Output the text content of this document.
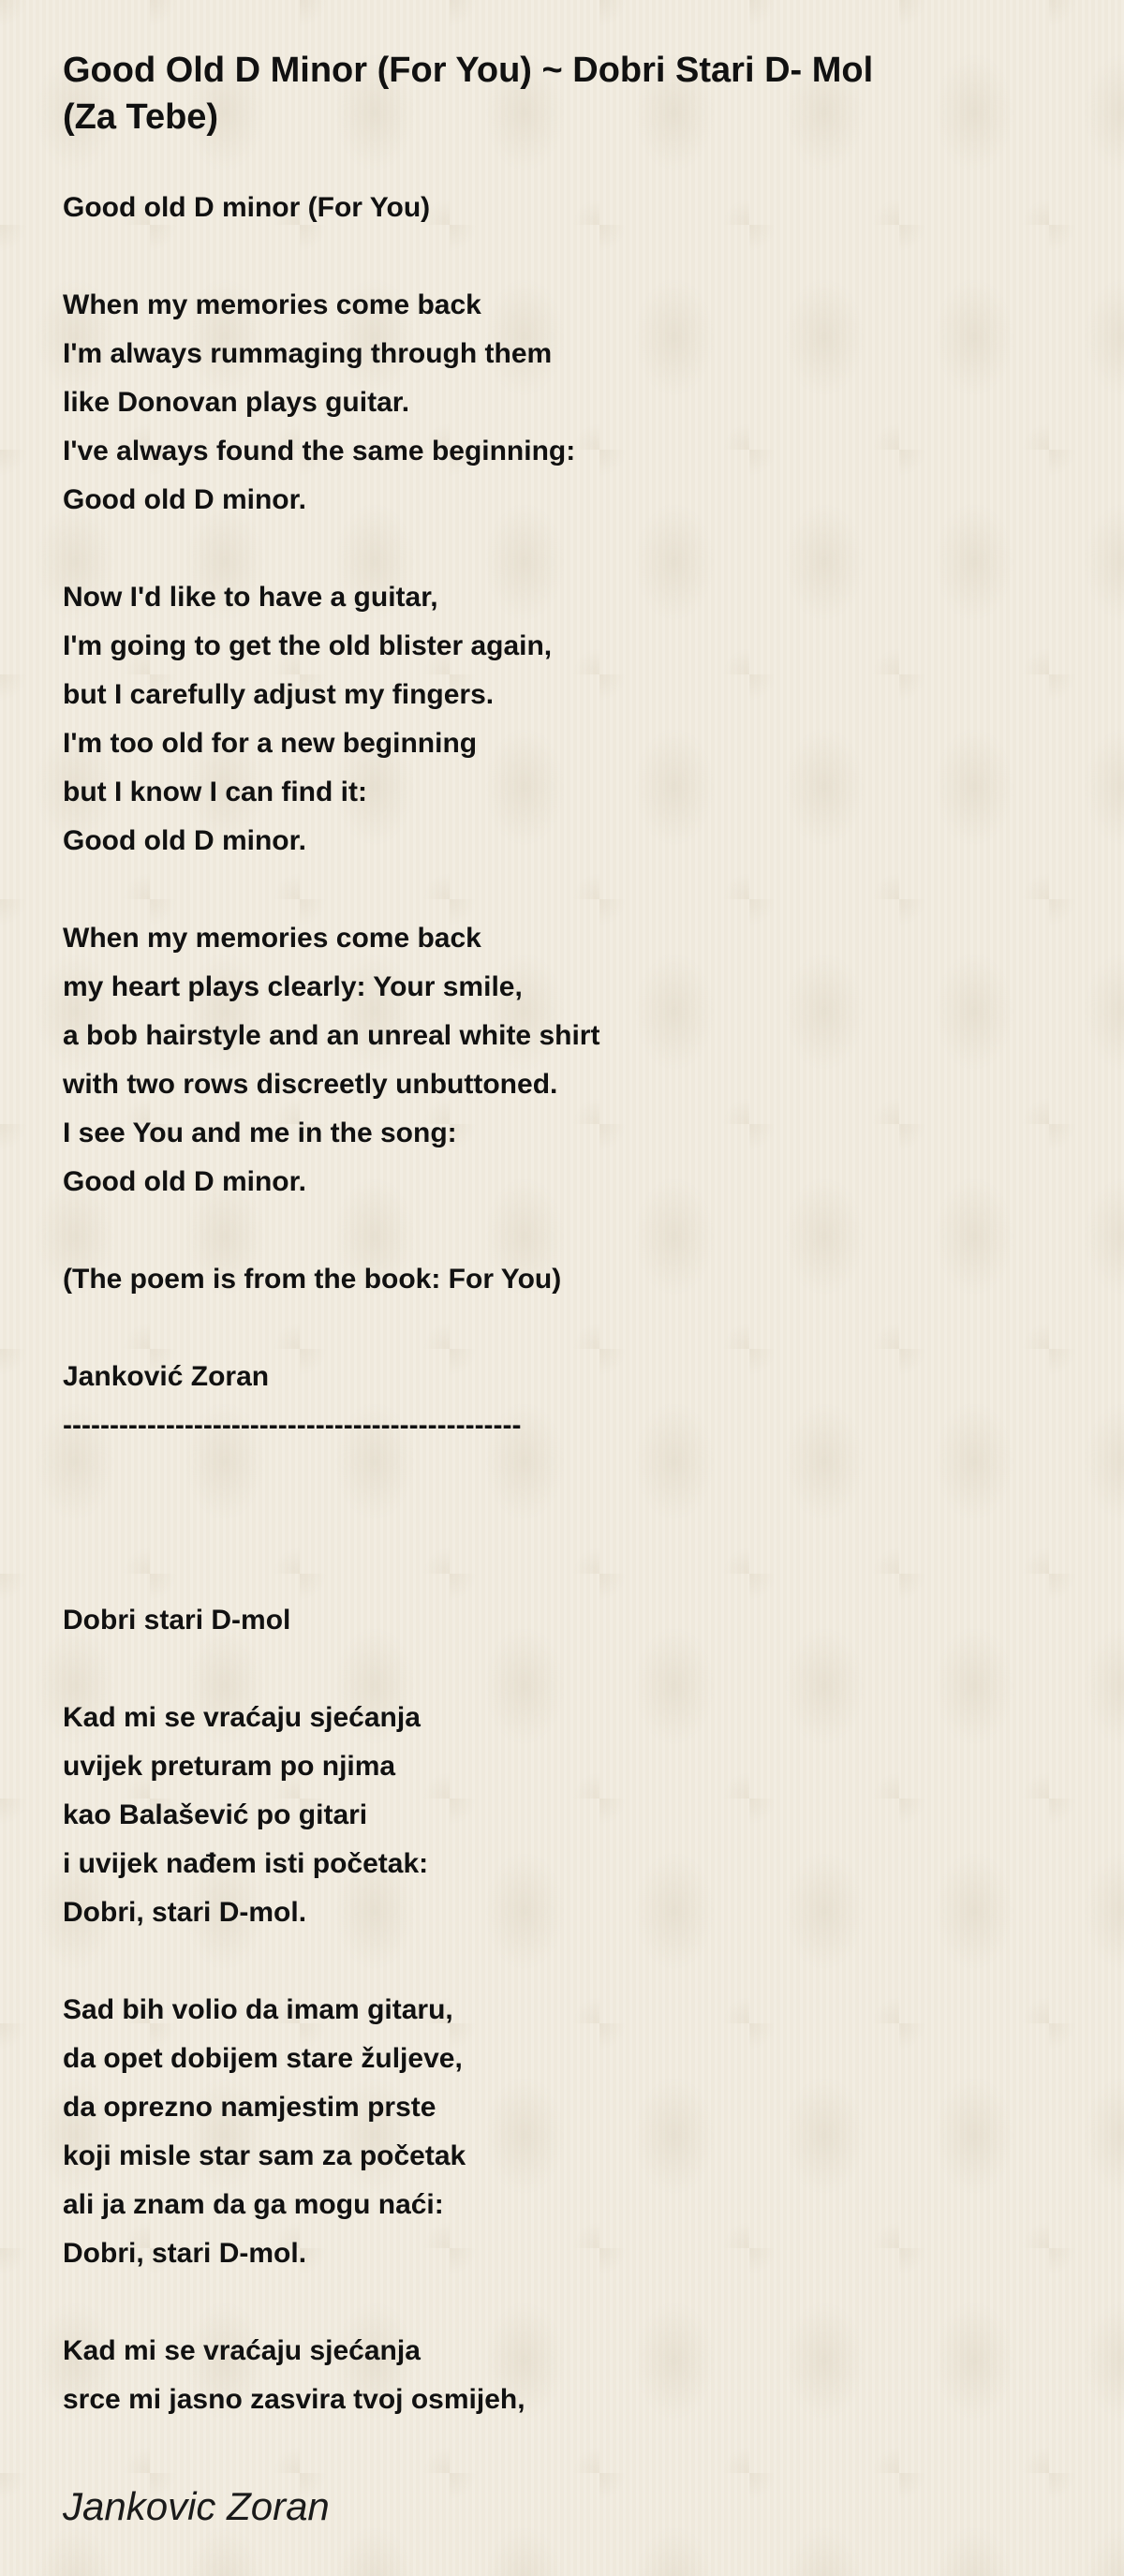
Good Old D Minor (For You) ~ Dobri Stari D- Mol (Za Tebe)
Good old D minor (For You)
When my memories come back
I'm always rummaging through them
like Donovan plays guitar.
I've always found the same beginning:
Good old D minor.
Now I'd like to have a guitar,
I'm going to get the old blister again,
but I carefully adjust my fingers.
I'm too old for a new beginning
but I know I can find it:
Good old D minor.
When my memories come back
my heart plays clearly: Your smile,
a bob hairstyle and an unreal white shirt
with two rows discreetly unbuttoned.
I see You and me in the song:
Good old D minor.
(The poem is from the book: For You)
Janković Zoran
-------------------------------------------------
Dobri stari D-mol
Kad mi se vraćaju sjećanja
uvijek preturam po njima
kao Balašević po gitari
i uvijek nađem isti početak:
Dobri, stari D-mol.
Sad bih volio da imam gitaru,
da opet dobijem stare žuljeve,
da oprezno namjestim prste
koji misle star sam za početak
ali ja znam da ga mogu naći:
Dobri, stari D-mol.
Kad mi se vraćaju sjećanja
srce mi jasno zasvira tvoj osmijeh,
Jankovic Zoran
